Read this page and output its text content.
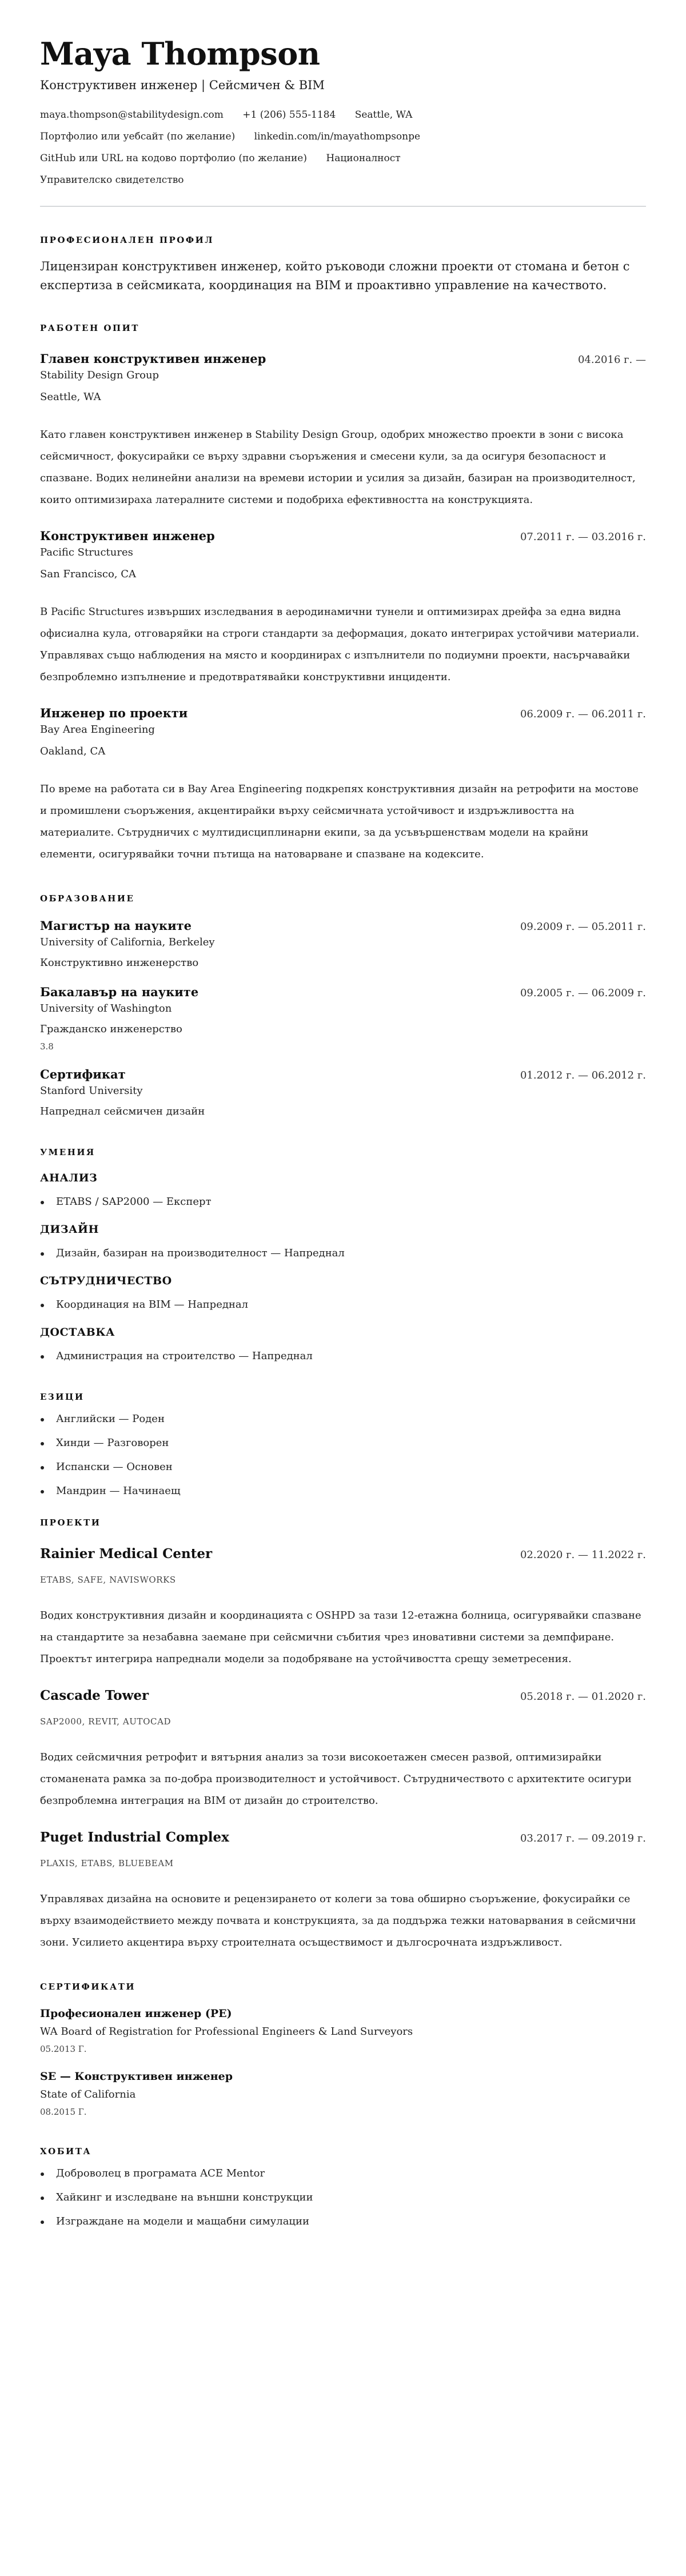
Maya Thompson
Конструктивен инженер | Сейсмичен & BIM
maya.thompson@stabilitydesign.com +1 (206) 555-1184 Seattle, WA
Портфолио или уебсайт (по желание) linkedin.com/in/mayathompsonpe
GitHub или URL на кодово портфолио (по желание) Националност
Управителско свидетелство
ПРОФЕСИОНАЛЕН ПРОФИЛ

Лицензиран конструктивен инженер, който ръководи сложни проекти от стомана и бетон с експертиза в сейсмиката, координация на BIM и проактивно управление на качеството.

РАБОТЕН ОПИТ
Главен конструктивен инженер	04.2016 г. —
Stability Design Group
Seattle, WA

Като главен конструктивен инженер в Stability Design Group, одобрих множество проекти в зони с висока сейсмичност, фокусирайки се върху здравни съоръжения и смесени кули, за да осигуря безопасност и спазване. Водих нелинейни анализи на времеви истории и усилия за дизайн, базиран на производителност, които оптимизираха латералните системи и подобриха ефективността на конструкцията.

Конструктивен инженер	07.2011 г. — 03.2016 г.
Pacific Structures
San Francisco, CA

В Pacific Structures извърших изследвания в аеродинамични тунели и оптимизирах дрейфа за една видна офисиална кула, отговаряйки на строги стандарти за деформация, докато интегрирах устойчиви материали. Управлявах също наблюдения на място и координирах с изпълнители по подиумни проекти, насърчавайки безпроблемно изпълнение и предотвратявайки конструктивни инциденти.

Инженер по проекти	06.2009 г. — 06.2011 г.
Bay Area Engineering
Oakland, CA

По време на работата си в Bay Area Engineering подкрепях конструктивния дизайн на ретрофити на мостове и промишлени съоръжения, акцентирайки върху сейсмичната устойчивост и издръжливостта на материалите. Сътрудничих с мултидисциплинарни екипи, за да усъвършенствам модели на крайни елементи, осигурявайки точни пътища на натоварване и спазване на кодексите.

ОБРАЗОВАНИЕ
Магистър на науките	09.2009 г. — 05.2011 г.
University of California, Berkeley
Конструктивно инженерство
Бакалавър на науките	09.2005 г. — 06.2009 г.
University of Washington
Гражданско инженерство
3.8
Сертификат	01.2012 г. — 06.2012 г.
Stanford University
Напреднал сейсмичен дизайн
УМЕНИЯ
АНАЛИЗ
ETABS / SAP2000 — Експерт
ДИЗАЙН
Дизайн, базиран на производителност — Напреднал
СЪТРУДНИЧЕСТВО
Координация на BIM — Напреднал
ДОСТАВКА
Администрация на строителство — Напреднал
ЕЗИЦИ
Английски — Роден
Хинди — Разговорен
Испански — Основен
Мандрин — Начинаещ
ПРОЕКТИ
Rainier Medical Center	02.2020 г. — 11.2022 г.
ETABS, SAFE, NAVISWORKS

Водих конструктивния дизайн и координацията с OSHPD за тази 12-етажна болница, осигурявайки спазване на стандартите за незабавна заемане при сейсмични събития чрез иновативни системи за демпфиране. Проектът интегрира напреднали модели за подобряване на устойчивостта срещу земетресения.

Cascade Tower	05.2018 г. — 01.2020 г.
SAP2000, REVIT, AUTOCAD

Водих сейсмичния ретрофит и вятърния анализ за този високоетажен смесен развой, оптимизирайки стоманената рамка за по-добра производителност и устойчивост. Сътрудничеството с архитектите осигури безпроблемна интеграция на BIM от дизайн до строителство.

Puget Industrial Complex	03.2017 г. — 09.2019 г.
PLAXIS, ETABS, BLUEBEAM

Управлявах дизайна на основите и рецензирането от колеги за това обширно съоръжение, фокусирайки се върху взаимодействието между почвата и конструкцията, за да поддържа тежки натоварвания в сейсмични зони. Усилието акцентира върху строителната осъществимост и дългосрочната издръжливост.

СЕРТИФИКАТИ
Професионален инженер (PE)
WA Board of Registration for Professional Engineers & Land Surveyors
05.2013 Г.
SE — Конструктивен инженер
State of California
08.2015 Г.
ХОБИТА
Доброволец в програмата ACE Mentor
Хайкинг и изследване на външни конструкции
Изграждане на модели и мащабни симулации
